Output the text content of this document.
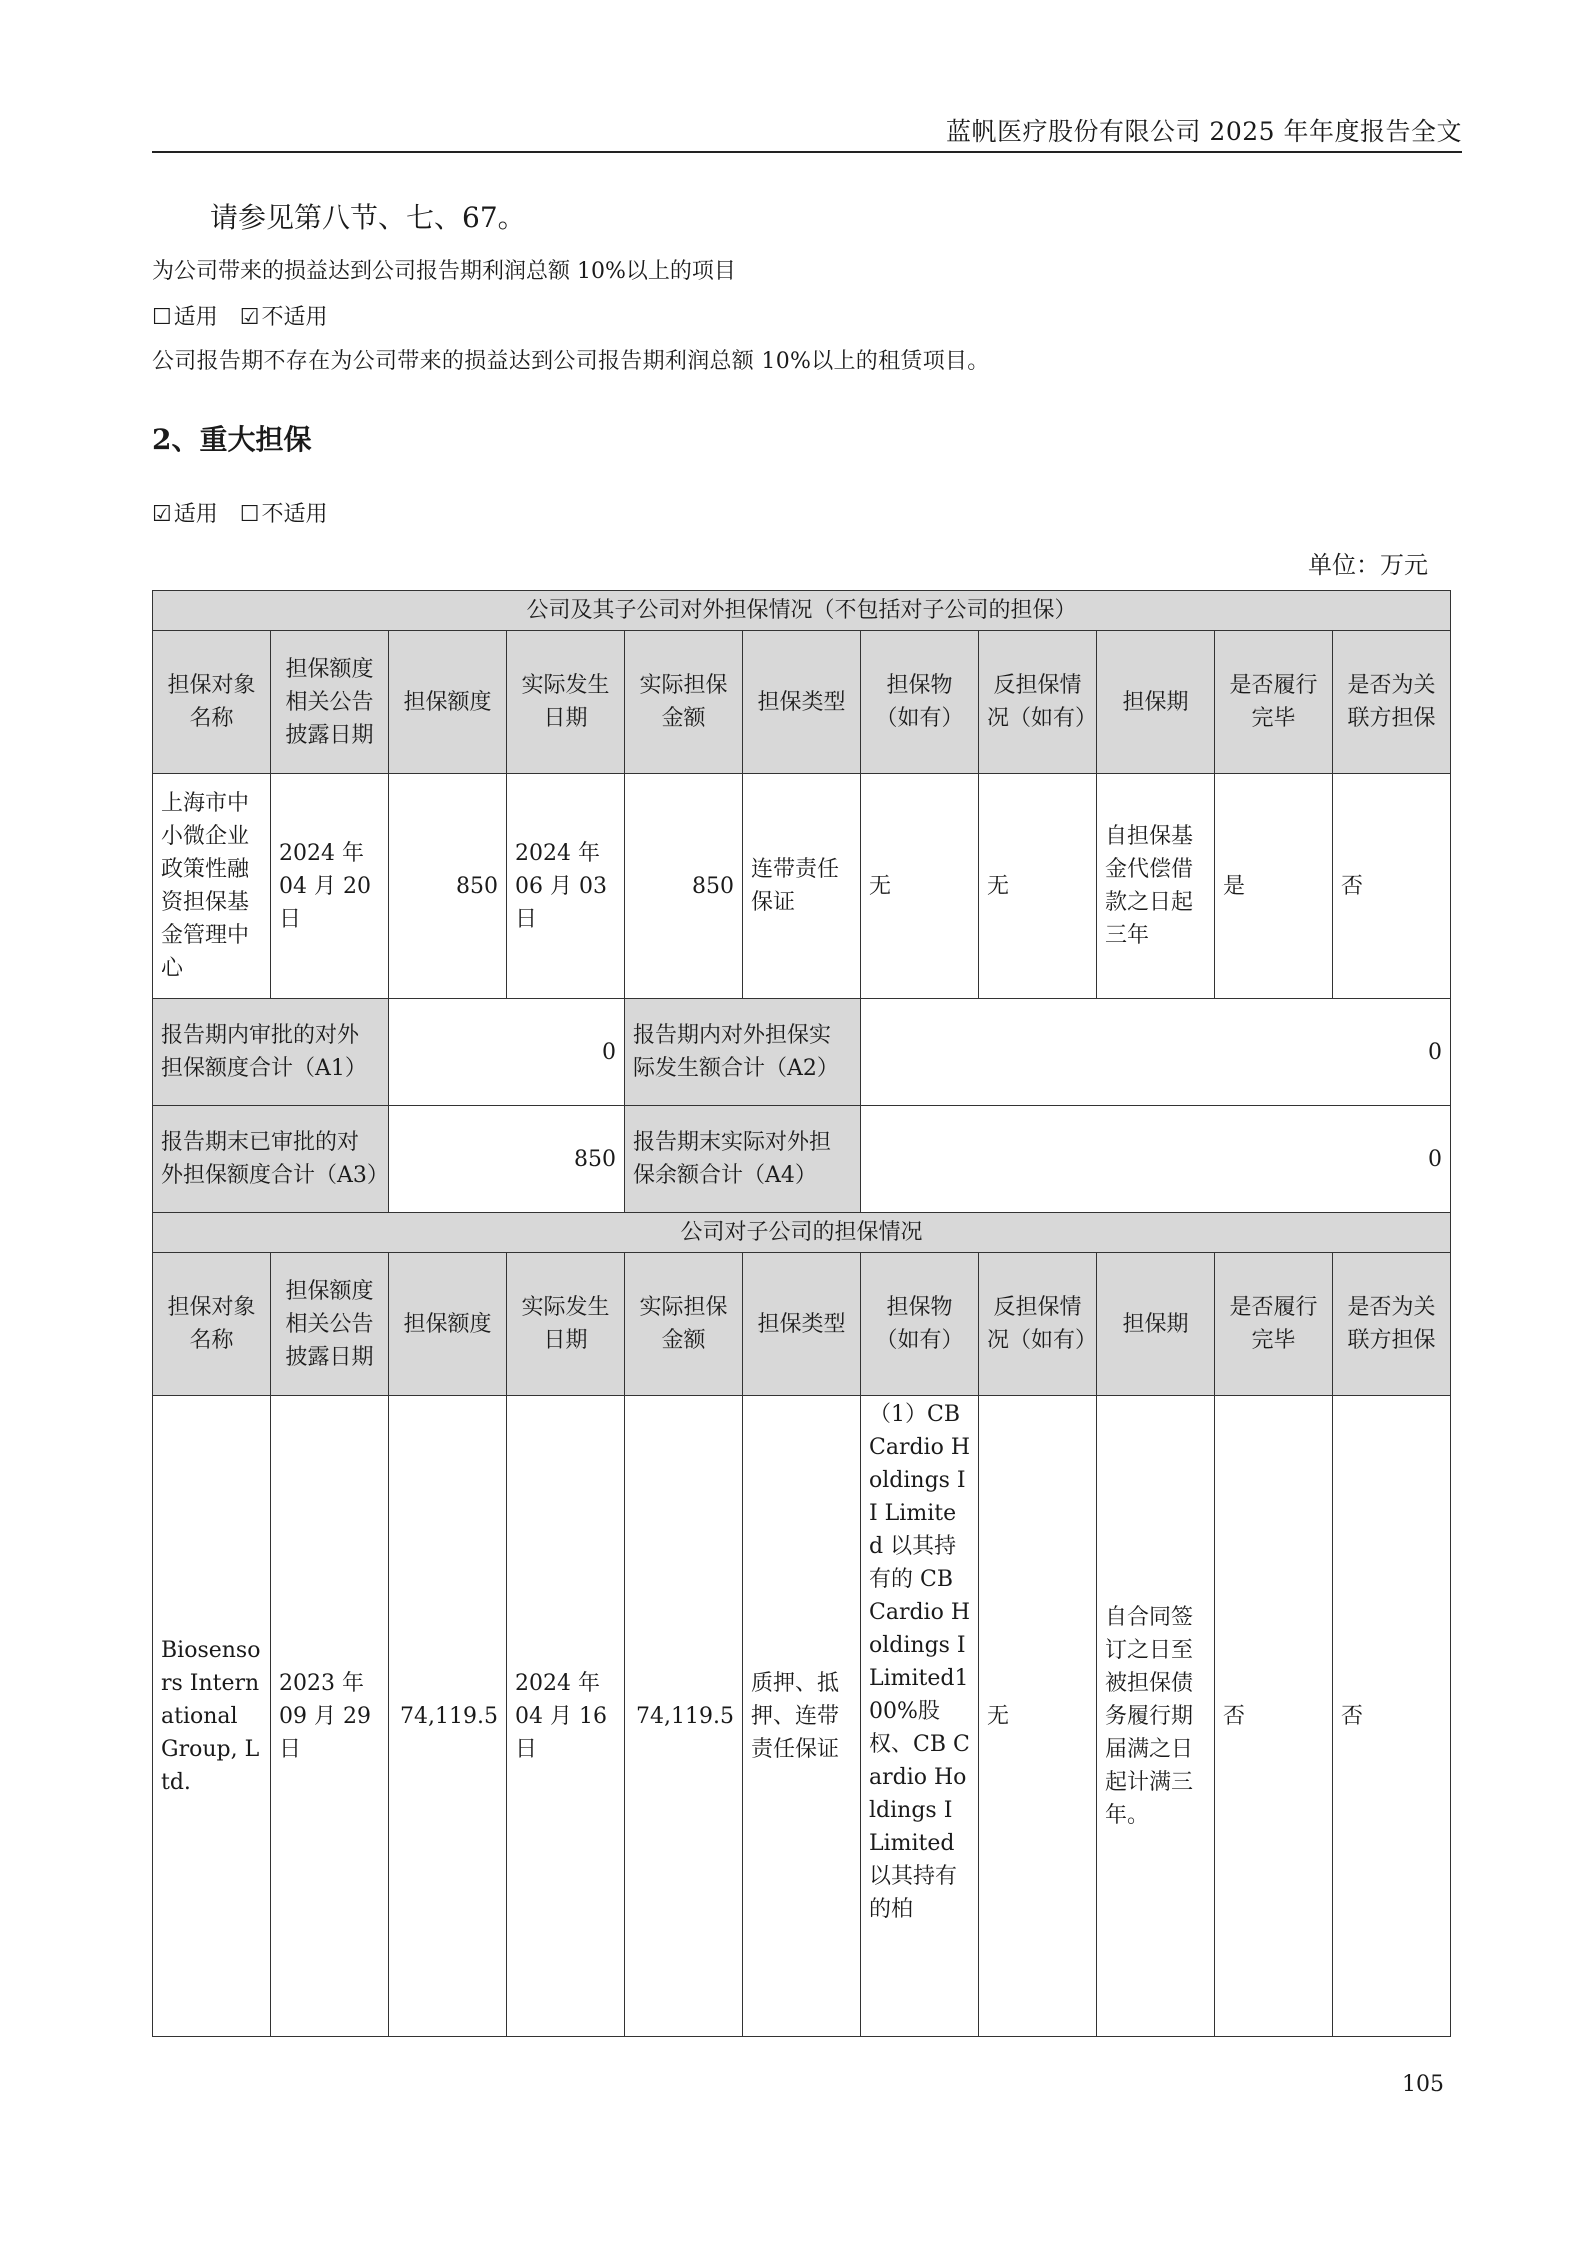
蓝帆医疗股份有限公司 2025 年年度报告全文
请参见第八节、七、67。
为公司带来的损益达到公司报告期利润总额 10%以上的项目
☐适用 ☑不适用
公司报告期不存在为公司带来的损益达到公司报告期利润总额 10%以上的租赁项目。
2、重大担保
☑适用 ☐不适用
单位：万元
公司及其子公司对外担保情况（不包括对子公司的担保）										
担保对象名称	担保额度相关公告披露日期	担保额度	实际发生日期	实际担保金额	担保类型	担保物（如有）	反担保情况（如有）	担保期	是否履行完毕	是否为关联方担保
上海市中小微企业政策性融资担保基金管理中心	2024 年 04 月 20 日	850	2024 年 06 月 03 日	850	连带责任保证	无	无	自担保基金代偿借款之日起三年	是	否
报告期内审批的对外担保额度合计（A1）		0		报告期内对外担保实际发生额合计（A2）		0				
报告期末已审批的对外担保额度合计（A3）		850		报告期末实际对外担保余额合计（A4）		0				
公司对子公司的担保情况										
担保对象名称	担保额度相关公告披露日期	担保额度	实际发生日期	实际担保金额	担保类型	担保物（如有）	反担保情况（如有）	担保期	是否履行完毕	是否为关联方担保
Biosensors International Group, Ltd.	2023 年 09 月 29 日	74,119.5	2024 年 04 月 16 日	74,119.5	质押、抵押、连带责任保证	（1）CB Cardio Holdings II Limited 以其持有的 CB Cardio Holdings I Limited100%股权、CB Cardio Holdings I Limited 以其持有的柏	无	自合同签订之日至被担保债务履行期届满之日起计满三年。	否	否
105
